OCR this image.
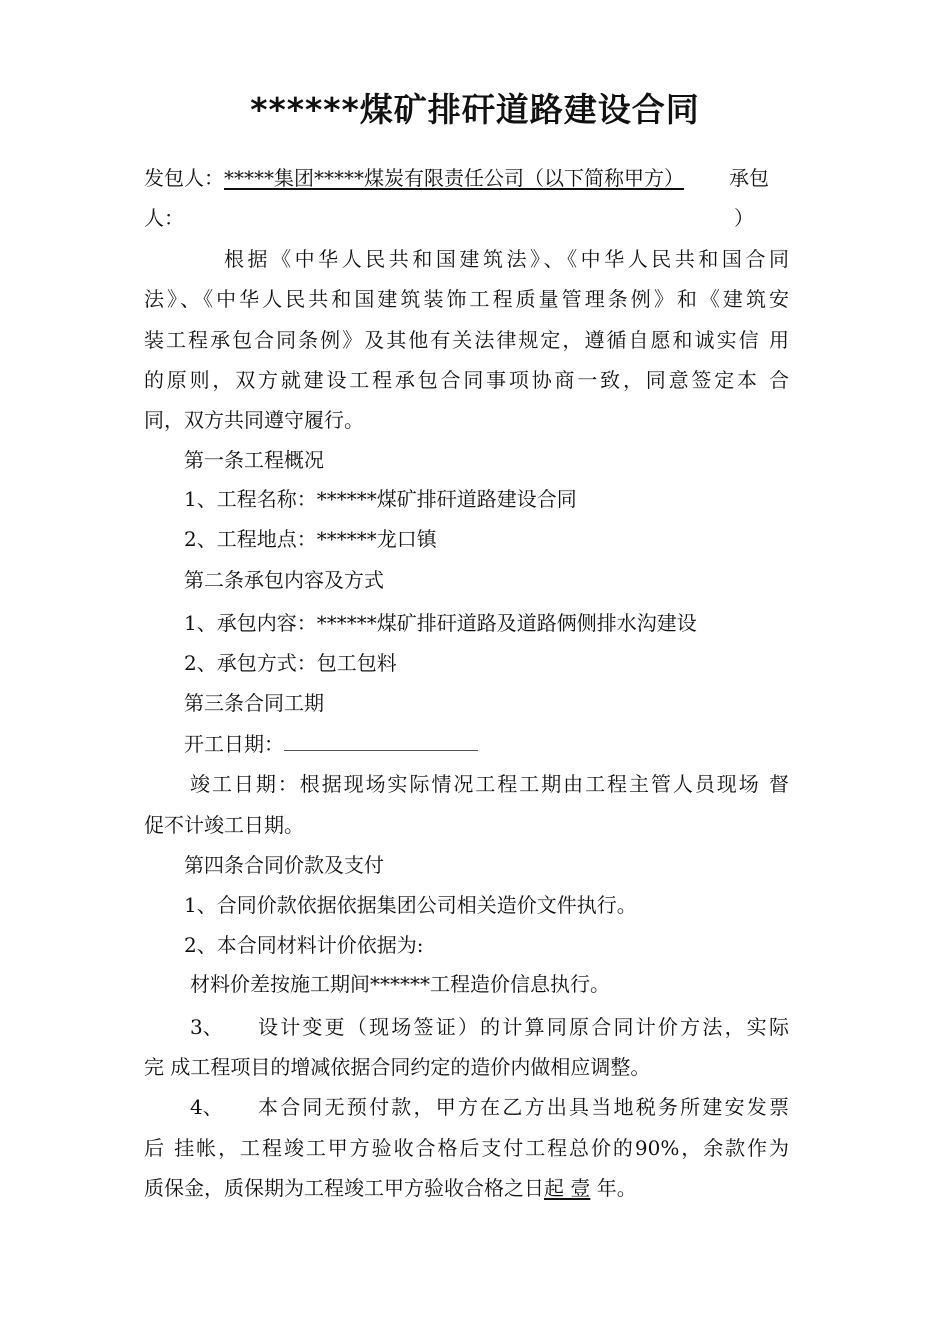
******煤矿排矸道路建设合同
发包人：*****集团*****煤炭有限责任公司（以下简称甲方） 承包
人：	）
根据《中华人民共和国建筑法》、《中华人民共和国合同
法》、《中华人民共和国建筑装饰工程质量管理条例》和《建筑安
装工程承包合同条例》及其他有关法律规定，遵循自愿和诚实信 用
的原则，双方就建设工程承包合同事项协商一致，同意签定本 合
同，双方共同遵守履行。
第一条工程概况
1、工程名称：******煤矿排矸道路建设合同
2、工程地点：******龙口镇
第二条承包内容及方式
1、承包内容：******煤矿排矸道路及道路俩侧排水沟建设
2、承包方式：包工包料
第三条合同工期
开工日期：
竣工日期：根据现场实际情况工程工期由工程主管人员现场 督
促不计竣工日期。
第四条合同价款及支付
1、合同价款依据依据集团公司相关造价文件执行。
2、本合同材料计价依据为:
材料价差按施工期间******工程造价信息执行。
3、	设计变更（现场签证）的计算同原合同计价方法，实际
完 成工程项目的增减依据合同约定的造价内做相应调整。
4、	本合同无预付款，甲方在乙方出具当地税务所建安发票
后 挂帐，工程竣工甲方验收合格后支付工程总价的90%，余款作为
质保金，质保期为工程竣工甲方验收合格之日起 壹 年。
